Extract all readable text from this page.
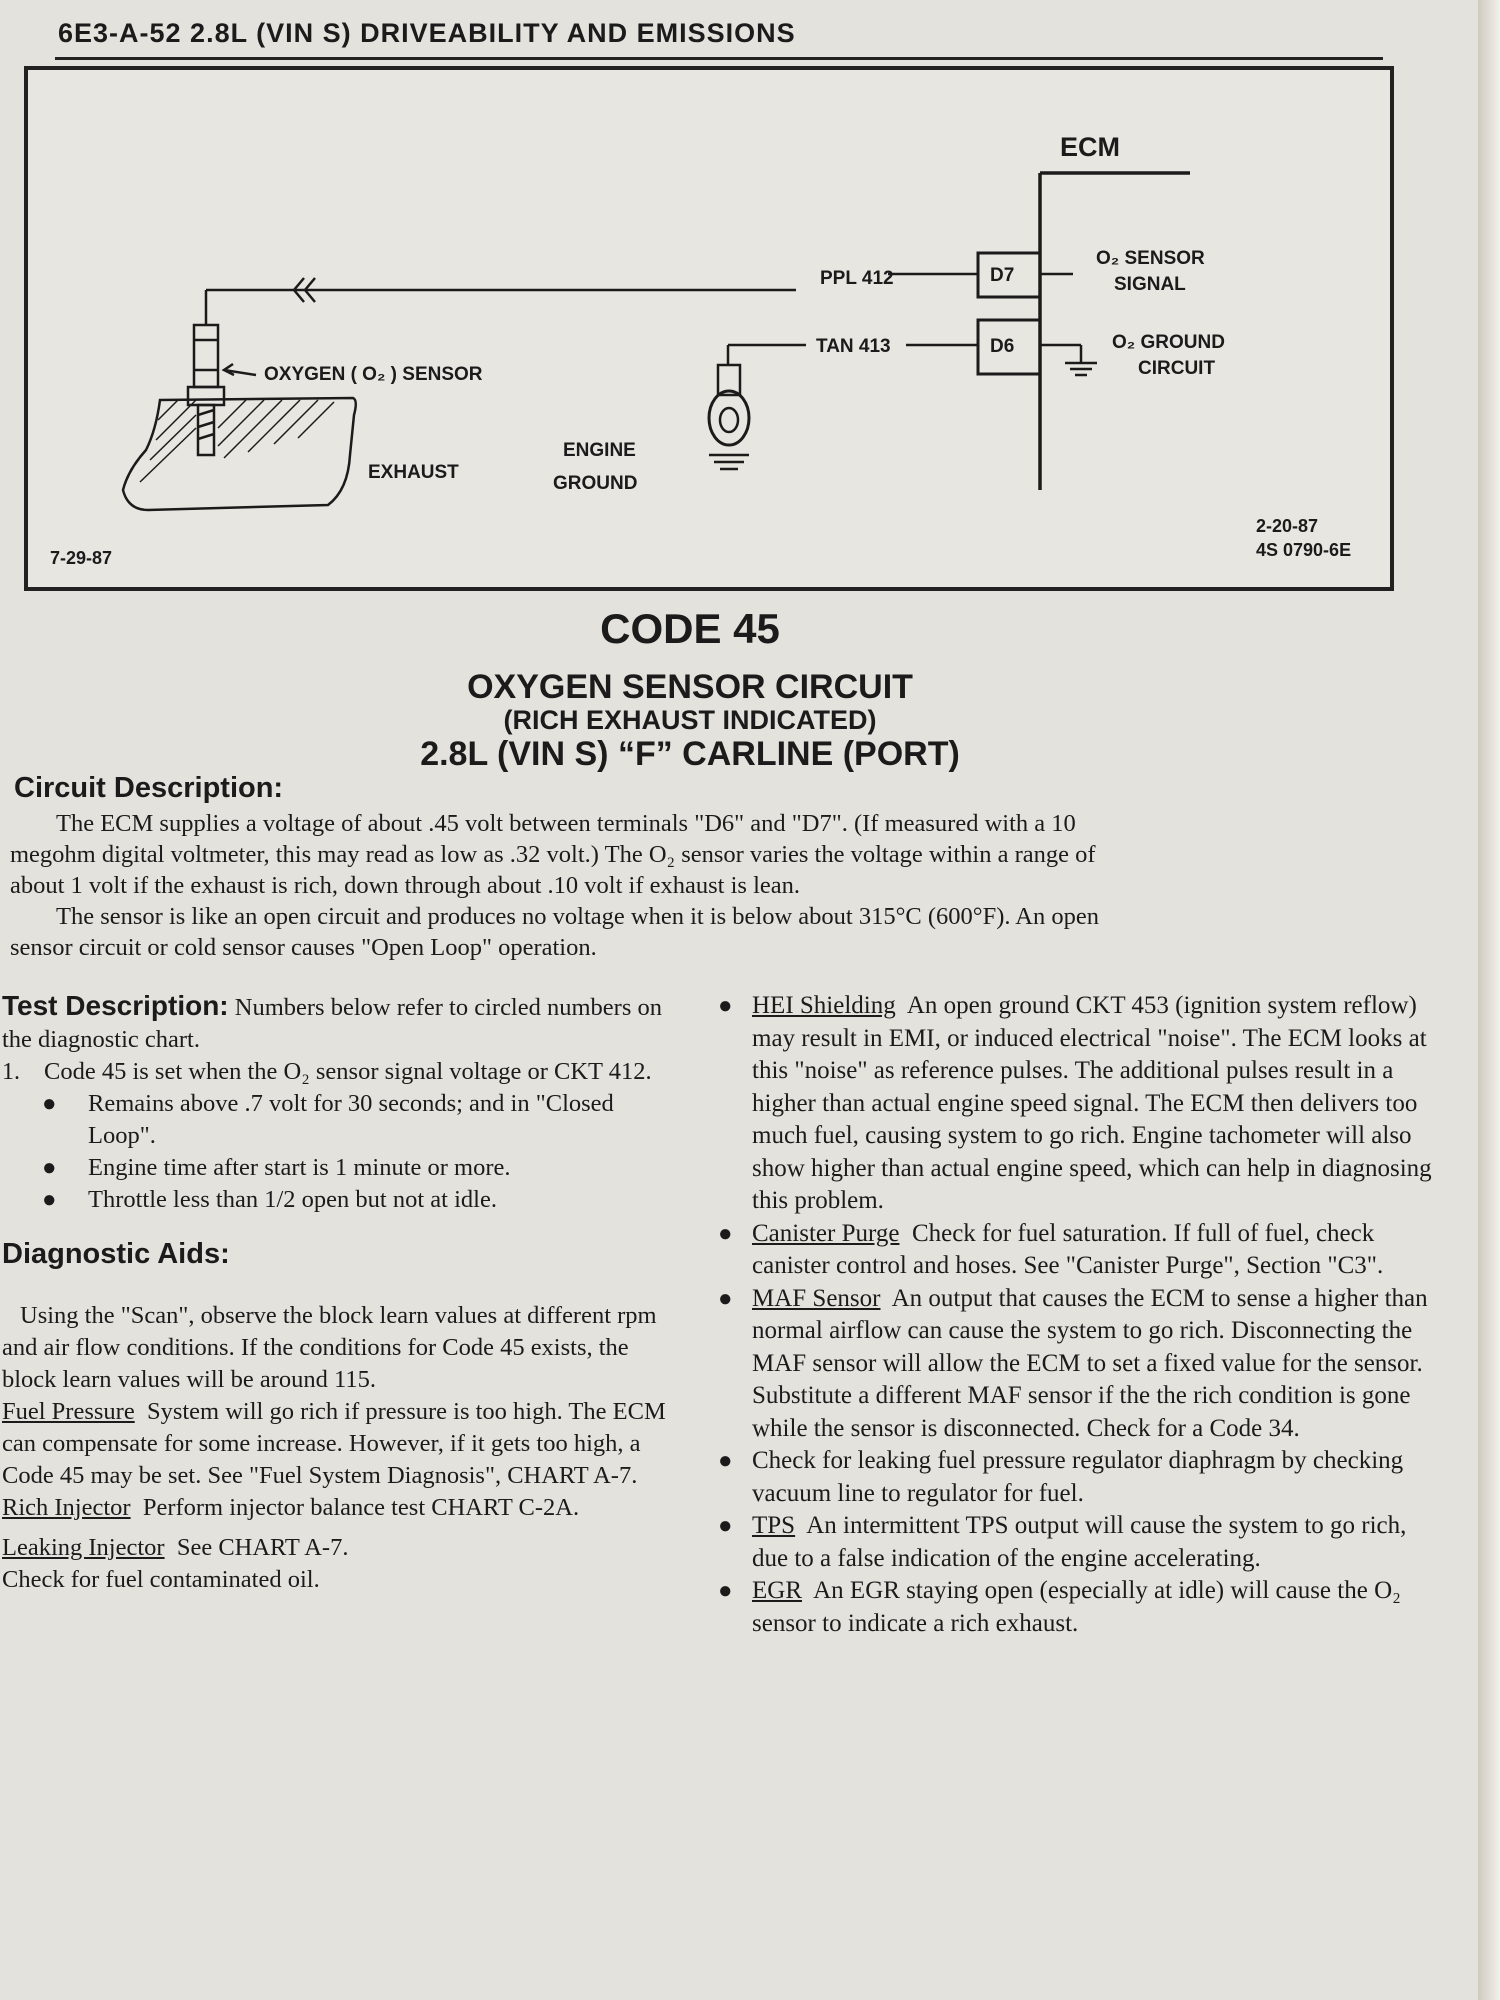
6E3-A-52 2.8L (VIN S) DRIVEABILITY AND EMISSIONS
ECM
PPL 412
TAN 413
D7
D6
O₂ SENSOR
SIGNAL
O₂ GROUND
CIRCUIT
OXYGEN ( O₂ ) SENSOR
EXHAUST
ENGINE
GROUND
7-29-87
2-20-87
4S 0790-6E
CODE 45
OXYGEN SENSOR CIRCUIT
(RICH EXHAUST INDICATED)
2.8L (VIN S) “F” CARLINE (PORT)
Circuit Description:
The ECM supplies a voltage of about .45 volt between terminals "D6" and "D7". (If measured with a 10
megohm digital voltmeter, this may read as low as .32 volt.) The O₂ sensor varies the voltage within a range of
about 1 volt if the exhaust is rich, down through about .10 volt if exhaust is lean.
The sensor is like an open circuit and produces no voltage when it is below about 315°C (600°F). An open
sensor circuit or cold sensor causes "Open Loop" operation.

Test Description: Numbers below refer to circled numbers on the diagnostic chart.

1. Code 45 is set when the O₂ sensor signal voltage or CKT 412.

● Remains above .7 volt for 30 seconds; and in "Closed Loop".

● Engine time after start is 1 minute or more.

● Throttle less than 1/2 open but not at idle.

Diagnostic Aids:

Using the "Scan", observe the block learn values at different rpm and air flow conditions. If the conditions for Code 45 exists, the block learn values will be around 115.

Fuel Pressure System will go rich if pressure is too high. The ECM can compensate for some increase. However, if it gets too high, a Code 45 may be set. See "Fuel System Diagnosis", CHART A-7.

Rich Injector Perform injector balance test CHART C-2A.

Leaking Injector See CHART A-7.

Check for fuel contaminated oil.

● HEI Shielding An open ground CKT 453 (ignition system reflow) may result in EMI, or induced electrical "noise". The ECM looks at this "noise" as reference pulses. The additional pulses result in a higher than actual engine speed signal. The ECM then delivers too much fuel, causing system to go rich. Engine tachometer will also show higher than actual engine speed, which can help in diagnosing this problem.

● Canister Purge Check for fuel saturation. If full of fuel, check canister control and hoses. See "Canister Purge", Section "C3".

● MAF Sensor An output that causes the ECM to sense a higher than normal airflow can cause the system to go rich. Disconnecting the MAF sensor will allow the ECM to set a fixed value for the sensor. Substitute a different MAF sensor if the the rich condition is gone while the sensor is disconnected. Check for a Code 34.

● Check for leaking fuel pressure regulator diaphragm by checking vacuum line to regulator for fuel.

● TPS An intermittent TPS output will cause the system to go rich, due to a false indication of the engine accelerating.

● EGR An EGR staying open (especially at idle) will cause the O₂ sensor to indicate a rich exhaust.
